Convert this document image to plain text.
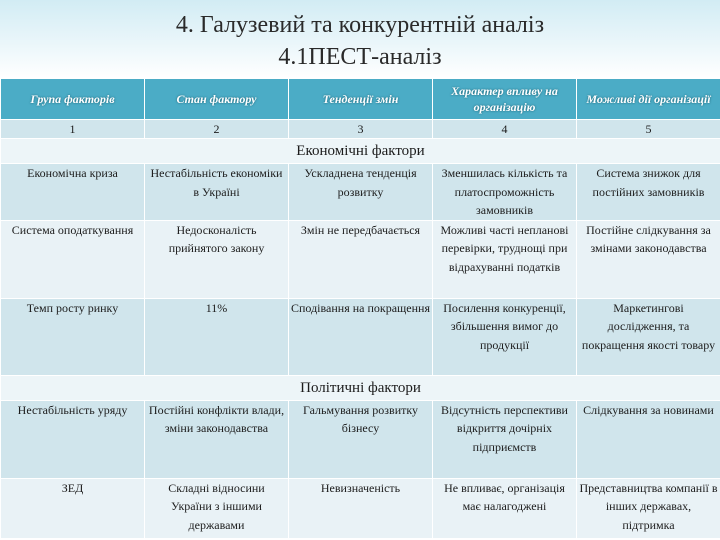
4. Галузевий та конкурентній аналіз
4.1ПЕСТ-аналіз
Група факторів	Стан фактору	Тенденції змін	Характер впливу на організацію	Можливі дії організації
1	2	3	4	5
Економічні фактори				
Економічна криза	Нестабільність економіки в Україні	Ускладнена тенденція розвитку	Зменшилась кількість та платоспроможність замовників	Система знижок для постійних замовників
Система оподаткування	Недосконалість прийнятого закону	Змін не передбачається	Можливі часті непланові перевірки, труднощі при відрахуванні податків	Постійне слідкування за змінами законодавства
Темп росту ринку	11%	Сподівання на покращення	Посилення конкуренції, збільшення вимог до продукції	Маркетингові дослідження, та покращення якості товару
Політичні фактори				
Нестабільність уряду	Постійні конфлікти влади, зміни законодавства	Гальмування розвитку бізнесу	Відсутність перспективи відкриття дочірніх підприємств	Слідкування за новинами
ЗЕД	Складні відносини України з іншими державами	Невизначеність	Не впливає, організація має налагоджені	Представництва компанії в інших державах, підтримка
